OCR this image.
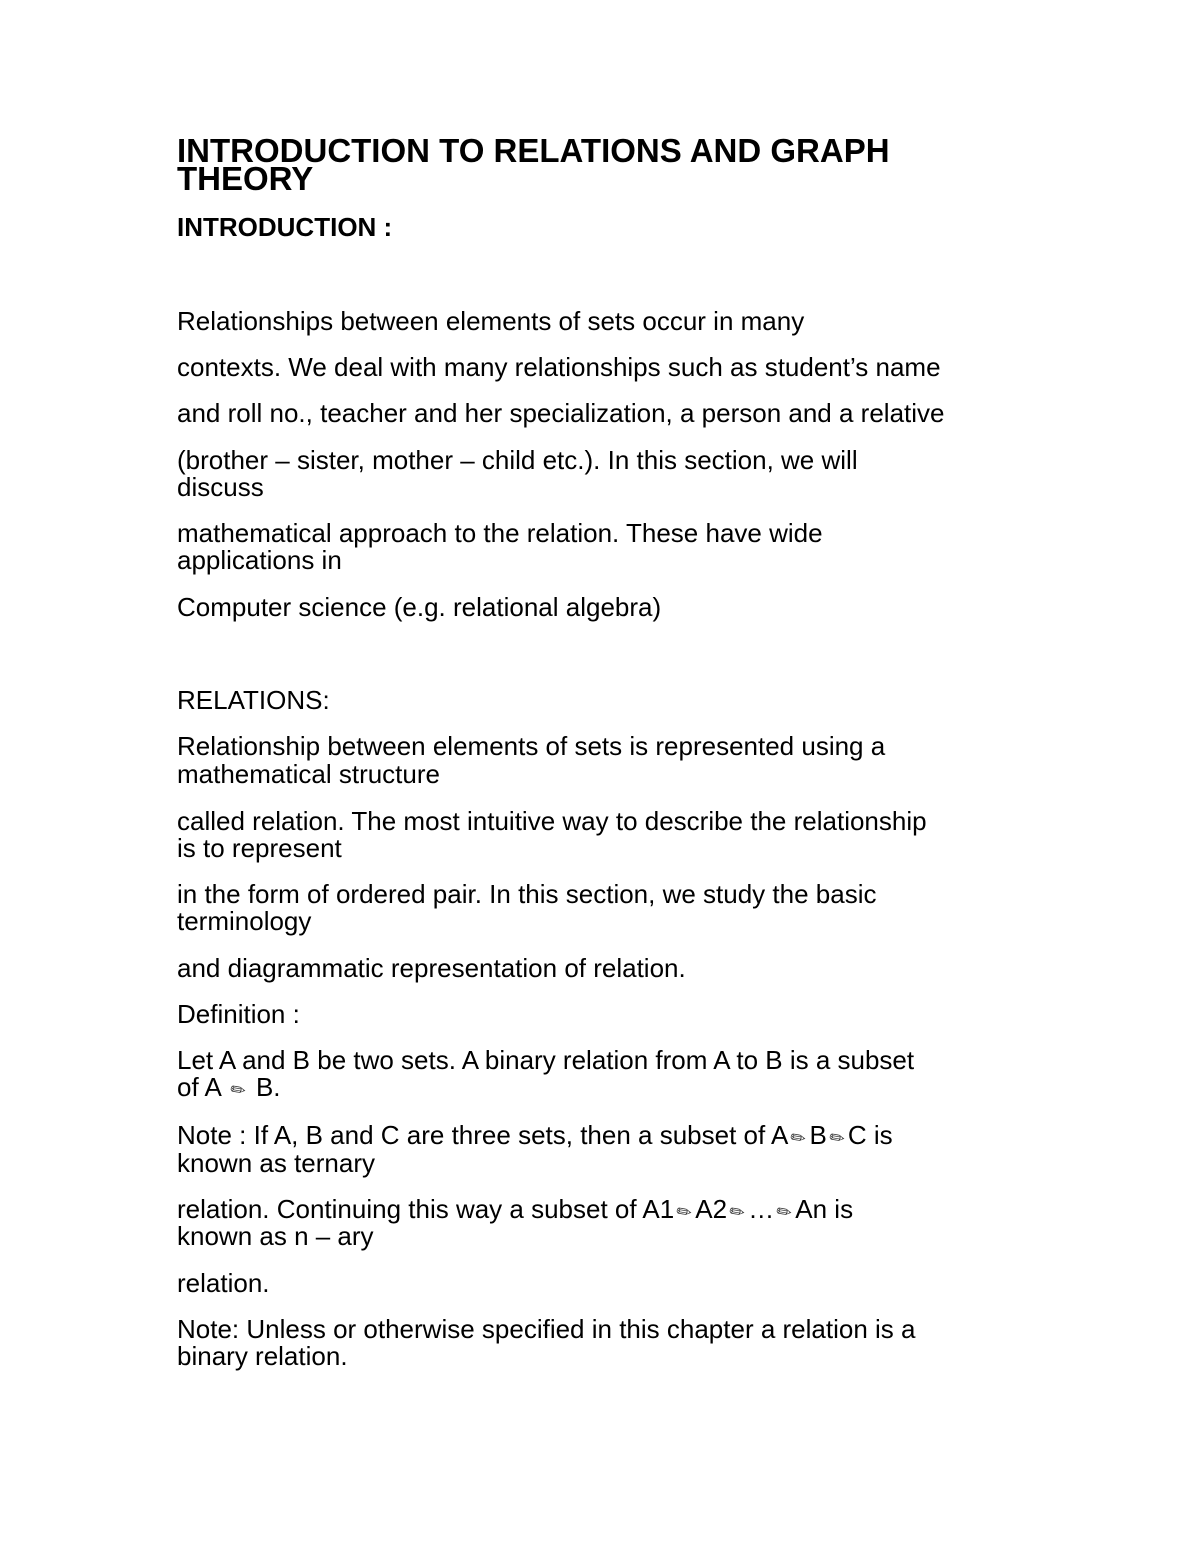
INTRODUCTION TO RELATIONS AND GRAPH
THEORY
INTRODUCTION :
Relationships between elements of sets occur in many
contexts. We deal with many relationships such as student’s name
and roll no., teacher and her specialization, a person and a relative
(brother – sister, mother – child etc.). In this section, we will
discuss
mathematical approach to the relation. These have wide
applications in
Computer science (e.g. relational algebra)
RELATIONS:
Relationship between elements of sets is represented using a
mathematical structure
called relation. The most intuitive way to describe the relationship
is to represent
in the form of ordered pair. In this section, we study the basic
terminology
and diagrammatic representation of relation.
Definition :
Let A and B be two sets. A binary relation from A to B is a subset
of A ✎ B.
Note : If A, B and C are three sets, then a subset of A✎B✎C is
known as ternary
relation. Continuing this way a subset of A1✎A2✎…✎An is
known as n – ary
relation.
Note: Unless or otherwise specified in this chapter a relation is a
binary relation.
